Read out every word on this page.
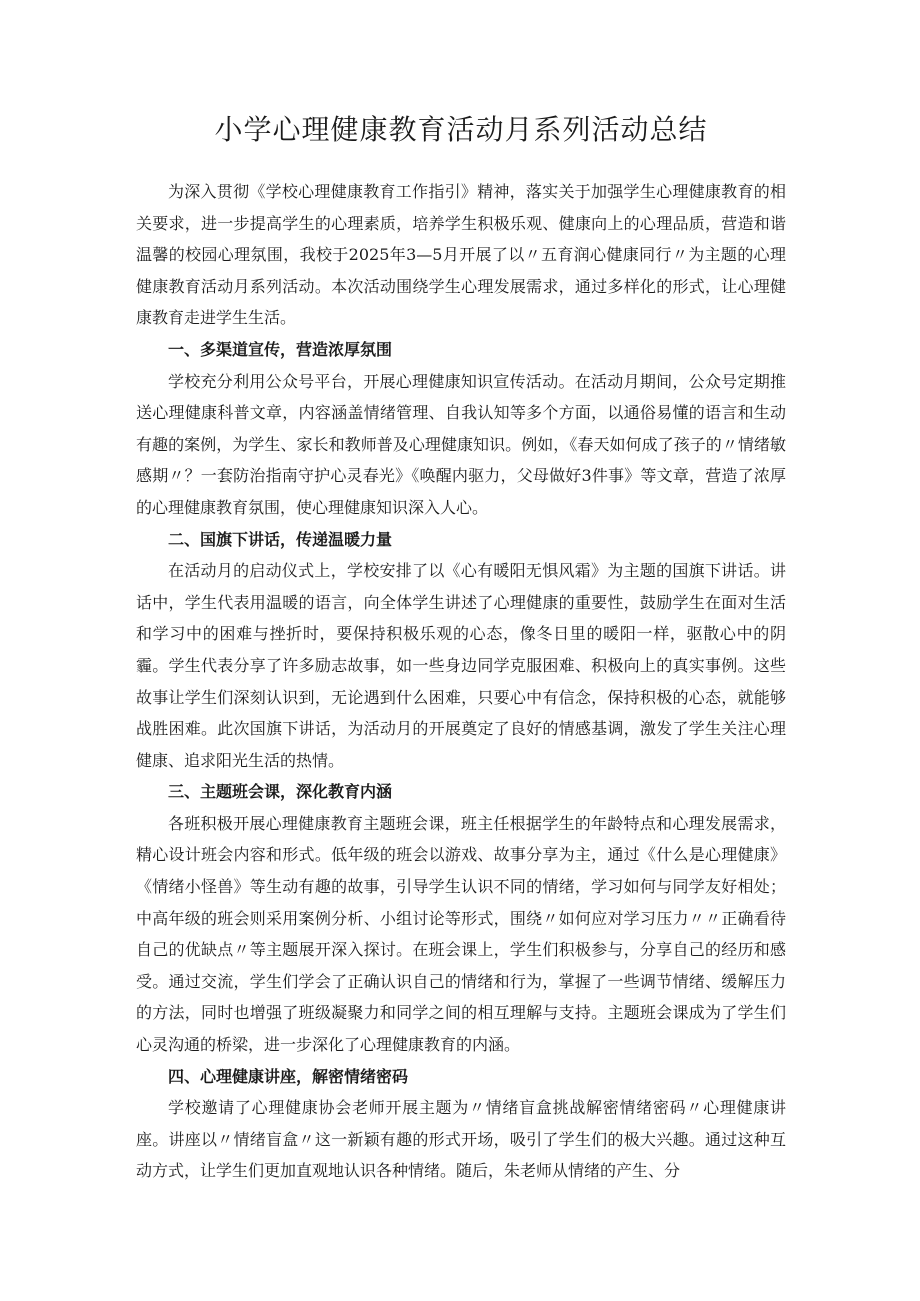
小学心理健康教育活动月系列活动总结

为深入贯彻《学校心理健康教育工作指引》精神，落实关于加强学生心理健康教育的相关要求，进一步提高学生的心理素质，培养学生积极乐观、健康向上的心理品质，营造和谐温馨的校园心理氛围，我校于2025年3—5月开展了以〃五育润心健康同行〃为主题的心理健康教育活动月系列活动。本次活动围绕学生心理发展需求，通过多样化的形式，让心理健康教育走进学生生活。

一、多渠道宣传，营造浓厚氛围

学校充分利用公众号平台，开展心理健康知识宣传活动。在活动月期间，公众号定期推送心理健康科普文章，内容涵盖情绪管理、自我认知等多个方面，以通俗易懂的语言和生动有趣的案例，为学生、家长和教师普及心理健康知识。例如，《春天如何成了孩子的〃情绪敏感期〃？一套防治指南守护心灵春光》《唤醒内驱力，父母做好3件事》等文章，营造了浓厚的心理健康教育氛围，使心理健康知识深入人心。

二、国旗下讲话，传递温暖力量

在活动月的启动仪式上，学校安排了以《心有暖阳无惧风霜》为主题的国旗下讲话。讲话中，学生代表用温暖的语言，向全体学生讲述了心理健康的重要性，鼓励学生在面对生活和学习中的困难与挫折时，要保持积极乐观的心态，像冬日里的暖阳一样，驱散心中的阴霾。学生代表分享了许多励志故事，如一些身边同学克服困难、积极向上的真实事例。这些故事让学生们深刻认识到，无论遇到什么困难，只要心中有信念，保持积极的心态，就能够战胜困难。此次国旗下讲话，为活动月的开展奠定了良好的情感基调，激发了学生关注心理健康、追求阳光生活的热情。

三、主题班会课，深化教育内涵

各班积极开展心理健康教育主题班会课，班主任根据学生的年龄特点和心理发展需求，精心设计班会内容和形式。低年级的班会以游戏、故事分享为主，通过《什么是心理健康》《情绪小怪兽》等生动有趣的故事，引导学生认识不同的情绪，学习如何与同学友好相处；中高年级的班会则采用案例分析、小组讨论等形式，围绕〃如何应对学习压力〃〃正确看待自己的优缺点〃等主题展开深入探讨。在班会课上，学生们积极参与，分享自己的经历和感受。通过交流，学生们学会了正确认识自己的情绪和行为，掌握了一些调节情绪、缓解压力的方法，同时也增强了班级凝聚力和同学之间的相互理解与支持。主题班会课成为了学生们心灵沟通的桥梁，进一步深化了心理健康教育的内涵。

四、心理健康讲座，解密情绪密码

学校邀请了心理健康协会老师开展主题为〃情绪盲盒挑战解密情绪密码〃心理健康讲座。讲座以〃情绪盲盒〃这一新颖有趣的形式开场，吸引了学生们的极大兴趣。通过这种互动方式，让学生们更加直观地认识各种情绪。随后，朱老师从情绪的产生、分
